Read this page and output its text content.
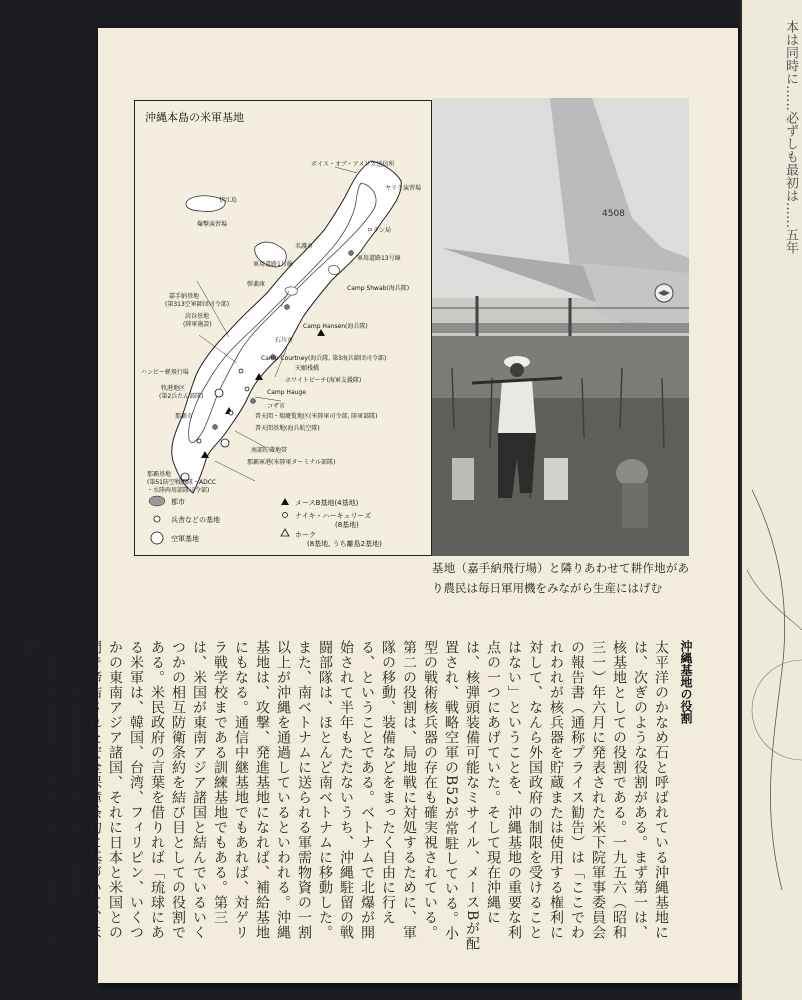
沖縄本島の米軍基地
ボイス・オブ・アメリカ送信所
ヤリラ演習場
伊江島
爆撃演習場
ロラン局
名護市
軍用道路1号線
軍用道路13号線
弾薬庫
Camp Shwab(海兵隊)
嘉手納基地
(第313空軍師団司令部)
読谷基地
(陸軍施設)	Camp Hansen(海兵隊)
石川市
Camp Courtney(海兵隊, 第3海兵師団司令部)
天願桟橋
ホワイトビーチ(海軍支援隊)
ハンビー軽飛行場
牧港地区
(第2兵たん部隊)
Camp Hauge
コザ市
普天間・瑞慶覧地区(米陸軍司令部, 陸軍部隊)
普天間基地(海兵航空隊)
那覇市
南部貯蔵地帯
那覇軍港(米陸軍ターミナル部隊)
那覇基地
(第51防空戦闘隊・ADCC
・水陸両用部隊司令部)
都市
兵舎などの基地
空軍基地
メースB基地(4基地)
ナイキ・ハーキュリーズ
(8基地)
ホーク
(8基地, うち離島2基地)
4508
基地（嘉手納飛行場）と隣りあわせて耕作地があり農民は毎日軍用機をみながら生産にはげむ
沖縄基地の役割
太平洋のかなめ石と呼ばれている沖縄基地には、次ぎのような役割がある。まず第一は、核基地としての役割である。一九五六（昭和三一）年六月に発表された米下院軍事委員会の報告書（通称プライス勧告）は「ここでわれわれが核兵器を貯蔵または使用する権利に対して、なんら外国政府の制限を受けることはない」ということを、沖縄基地の重要な利点の一つにあげていた。そして現在沖縄には、核弾頭装備可能なミサイル、メースBが配置され、戦略空軍のB52が常駐している。小型の戦術核兵器の存在も確実視されている。第二の役割は、局地戦に対処するために、軍隊の移動、装備などをまったく自由に行える、ということである。ベトナムで北爆が開始されて半年もたたないうち、沖縄駐留の戦闘部隊は、ほとんど南ベトナムに移動した。また、南ベトナムに送られる軍需物資の一割以上が沖縄を通過しているといわれる。沖縄基地は、攻撃、発進基地になれば、補給基地にもなる。通信中継基地でもあれば、対ゲリラ戦学校まである訓練基地でもある。第三は、米国が東南アジア諸国と結んでいるいくつかの相互防衛条約を結び目としての役割である。米民政府の言葉を借りれば「琉球にある米軍は、韓国、台湾、フィリピン、いくつかの東南アジア諸国、それに日本と米国との間で締結された安全保障条約に基づいて、ほとんど西太平洋全域にわたっての防衛について援助する用意ができている」のである。（新崎）
本は同時に……必ずしも最初は……五年
